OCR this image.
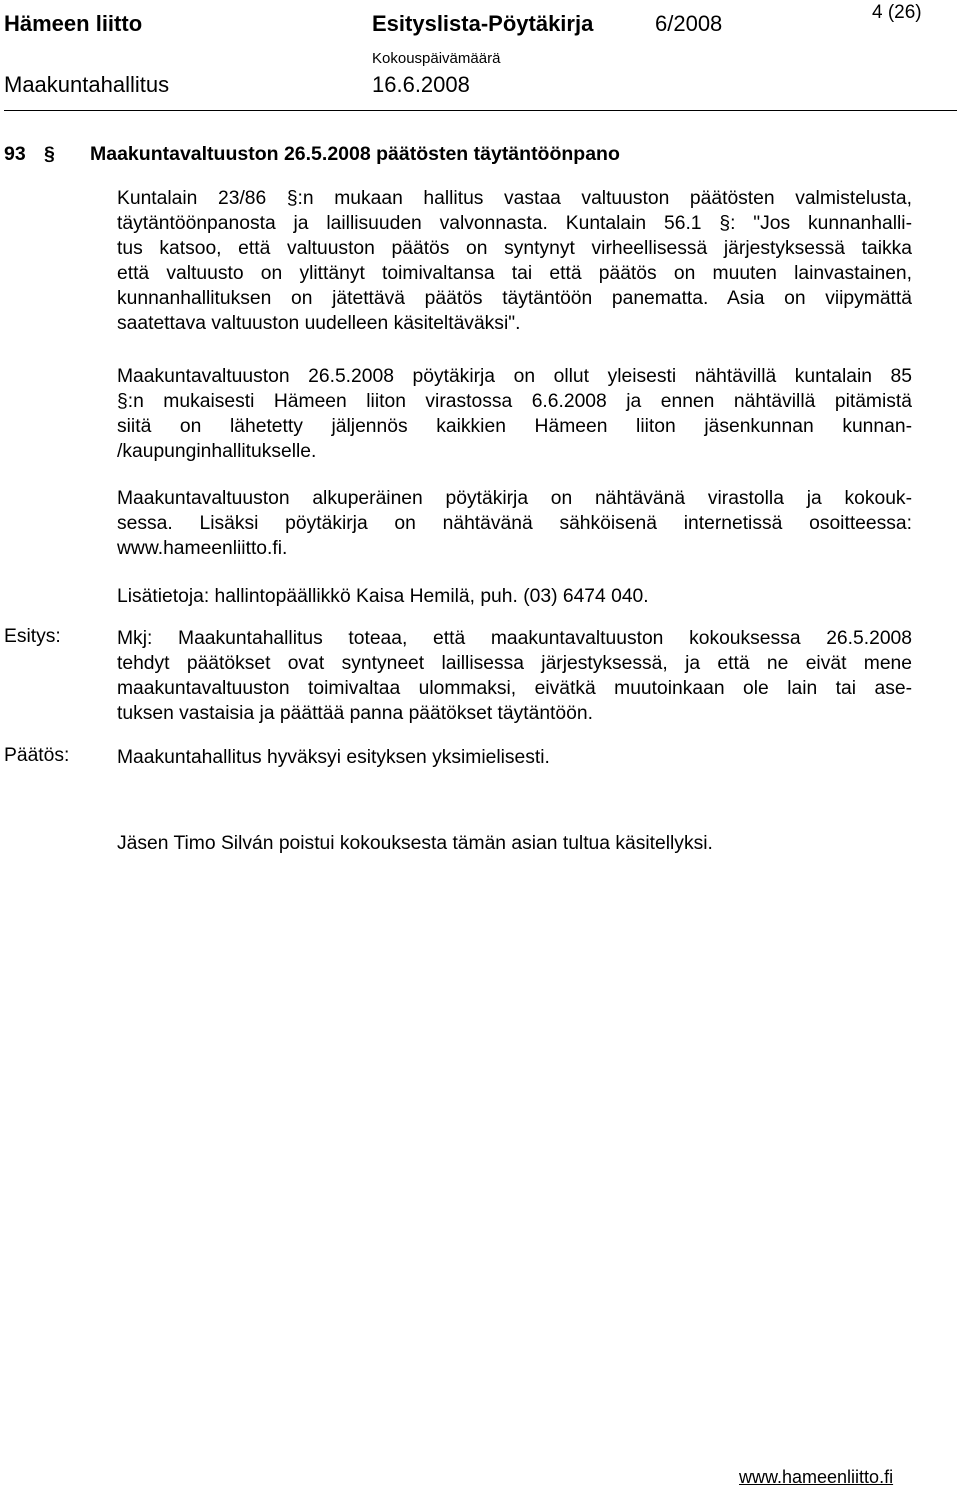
Hämeen liitto	Esityslista-Pöytäkirja	6/2008	4 (26)
Kokouspäivämäärä
Maakuntahallitus	16.6.2008
93 § Maakuntavaltuuston 26.5.2008 päätösten täytäntöönpano
Kuntalain 23/86 §:n mukaan hallitus vastaa valtuuston päätösten valmistelusta,
täytäntöönpanosta ja laillisuuden valvonnasta. Kuntalain 56.1 §: "Jos kunnanhalli-
tus katsoo, että valtuuston päätös on syntynyt virheellisessä järjestyksessä taikka
että valtuusto on ylittänyt toimivaltansa tai että päätös on muuten lainvastainen,
kunnanhallituksen on jätettävä päätös täytäntöön panematta. Asia on viipymättä
saatettava valtuuston uudelleen käsiteltäväksi".
Maakuntavaltuuston 26.5.2008 pöytäkirja on ollut yleisesti nähtävillä kuntalain 85
§:n mukaisesti Hämeen liiton virastossa 6.6.2008 ja ennen nähtävillä pitämistä
siitä on lähetetty jäljennös kaikkien Hämeen liiton jäsenkunnan kunnan-
/kaupunginhallitukselle.
Maakuntavaltuuston alkuperäinen pöytäkirja on nähtävänä virastolla ja kokouk-
sessa. Lisäksi pöytäkirja on nähtävänä sähköisenä internetissä osoitteessa:
www.hameenliitto.fi.
Lisätietoja: hallintopäällikkö Kaisa Hemilä, puh. (03) 6474 040.
Esitys:	Mkj: Maakuntahallitus toteaa, että maakuntavaltuuston kokouksessa 26.5.2008
tehdyt päätökset ovat syntyneet laillisessa järjestyksessä, ja että ne eivät mene
maakuntavaltuuston toimivaltaa ulommaksi, eivätkä muutoinkaan ole lain tai ase-
tuksen vastaisia ja päättää panna päätökset täytäntöön.
Päätös: Maakuntahallitus hyväksyi esityksen yksimielisesti.
Jäsen Timo Silván poistui kokouksesta tämän asian tultua käsitellyksi.
www.hameenliitto.fi
